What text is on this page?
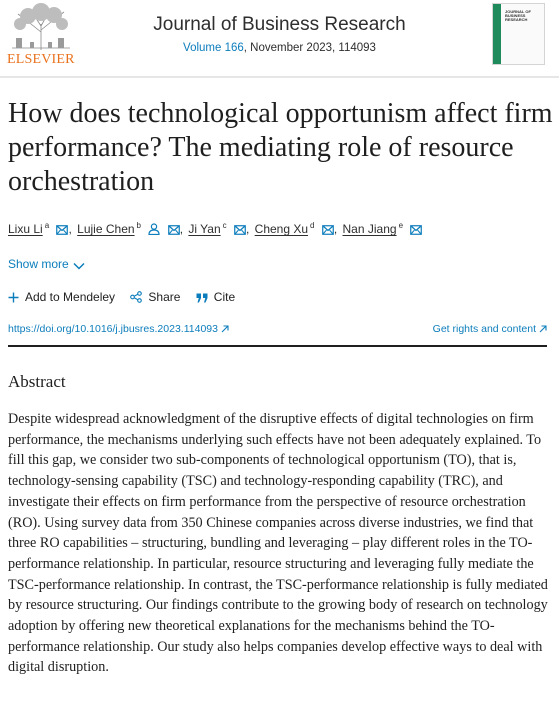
ELSEVIER
Journal of Business Research
Volume 166, November 2023, 114093
JOURNAL OF BUSINESS RESEARCH
How does technological opportunism affect firm performance? The mediating role of resource orchestration
Lixu Li $^a$ , Lujie Chen $^b$	, Ji Yan $^c$ , Cheng Xu $^d$ , Nan Jiang $^e$
Show more
Add to Mendeley	Share	Cite
https://doi.org/10.1016/j.jbusres.2023.114093	Get rights and content
Abstract

Despite widespread acknowledgment of the disruptive effects of digital technologies on firm performance, the mechanisms underlying such effects have not been adequately explained. To fill this gap, we consider two sub-components of technological opportunism (TO), that is, technology-sensing capability (TSC) and technology-responding capability (TRC), and investigate their effects on firm performance from the perspective of resource orchestration (RO). Using survey data from 350 Chinese companies across diverse industries, we find that three RO capabilities – structuring, bundling and leveraging – play different roles in the TO-performance relationship. In particular, resource structuring and leveraging fully mediate the TSC-performance relationship. In contrast, the TSC-performance relationship is fully mediated by resource structuring. Our findings contribute to the growing body of research on technology adoption by offering new theoretical explanations for the mechanisms behind the TO-performance relationship. Our study also helps companies develop effective ways to deal with digital disruption.
